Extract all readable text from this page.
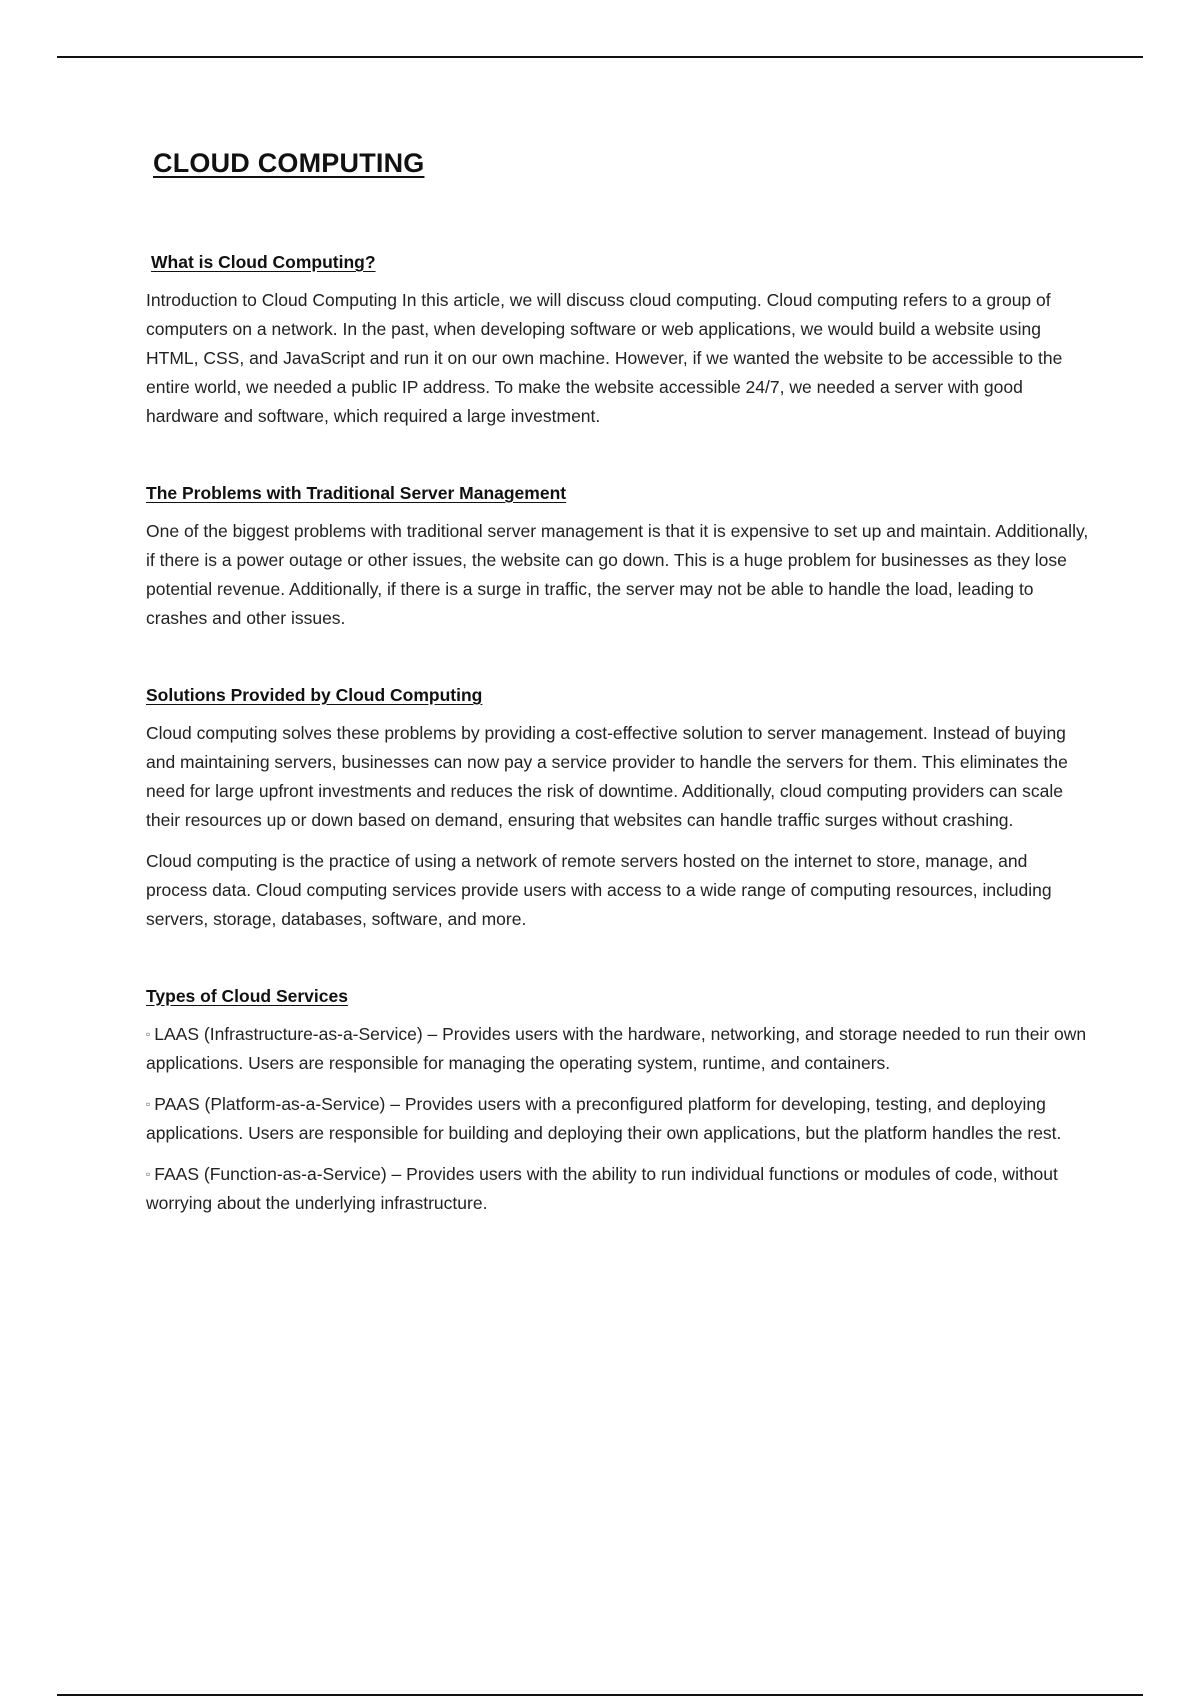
CLOUD COMPUTING
What is Cloud Computing?

Introduction to Cloud Computing In this article, we will discuss cloud computing. Cloud computing refers to a group of computers on a network. In the past, when developing software or web applications, we would build a website using HTML, CSS, and JavaScript and run it on our own machine. However, if we wanted the website to be accessible to the entire world, we needed a public IP address. To make the website accessible 24/7, we needed a server with good hardware and software, which required a large investment.

The Problems with Traditional Server Management

One of the biggest problems with traditional server management is that it is expensive to set up and maintain. Additionally, if there is a power outage or other issues, the website can go down. This is a huge problem for businesses as they lose potential revenue. Additionally, if there is a surge in traffic, the server may not be able to handle the load, leading to crashes and other issues.

Solutions Provided by Cloud Computing

Cloud computing solves these problems by providing a cost-effective solution to server management. Instead of buying and maintaining servers, businesses can now pay a service provider to handle the servers for them. This eliminates the need for large upfront investments and reduces the risk of downtime. Additionally, cloud computing providers can scale their resources up or down based on demand, ensuring that websites can handle traffic surges without crashing.

Cloud computing is the practice of using a network of remote servers hosted on the internet to store, manage, and process data. Cloud computing services provide users with access to a wide range of computing resources, including servers, storage, databases, software, and more.

Types of Cloud Services

▫ LAAS (Infrastructure-as-a-Service) – Provides users with the hardware, networking, and storage needed to run their own applications. Users are responsible for managing the operating system, runtime, and containers.

▫ PAAS (Platform-as-a-Service) – Provides users with a preconfigured platform for developing, testing, and deploying applications. Users are responsible for building and deploying their own applications, but the platform handles the rest.

▫ FAAS (Function-as-a-Service) – Provides users with the ability to run individual functions or modules of code, without worrying about the underlying infrastructure.
